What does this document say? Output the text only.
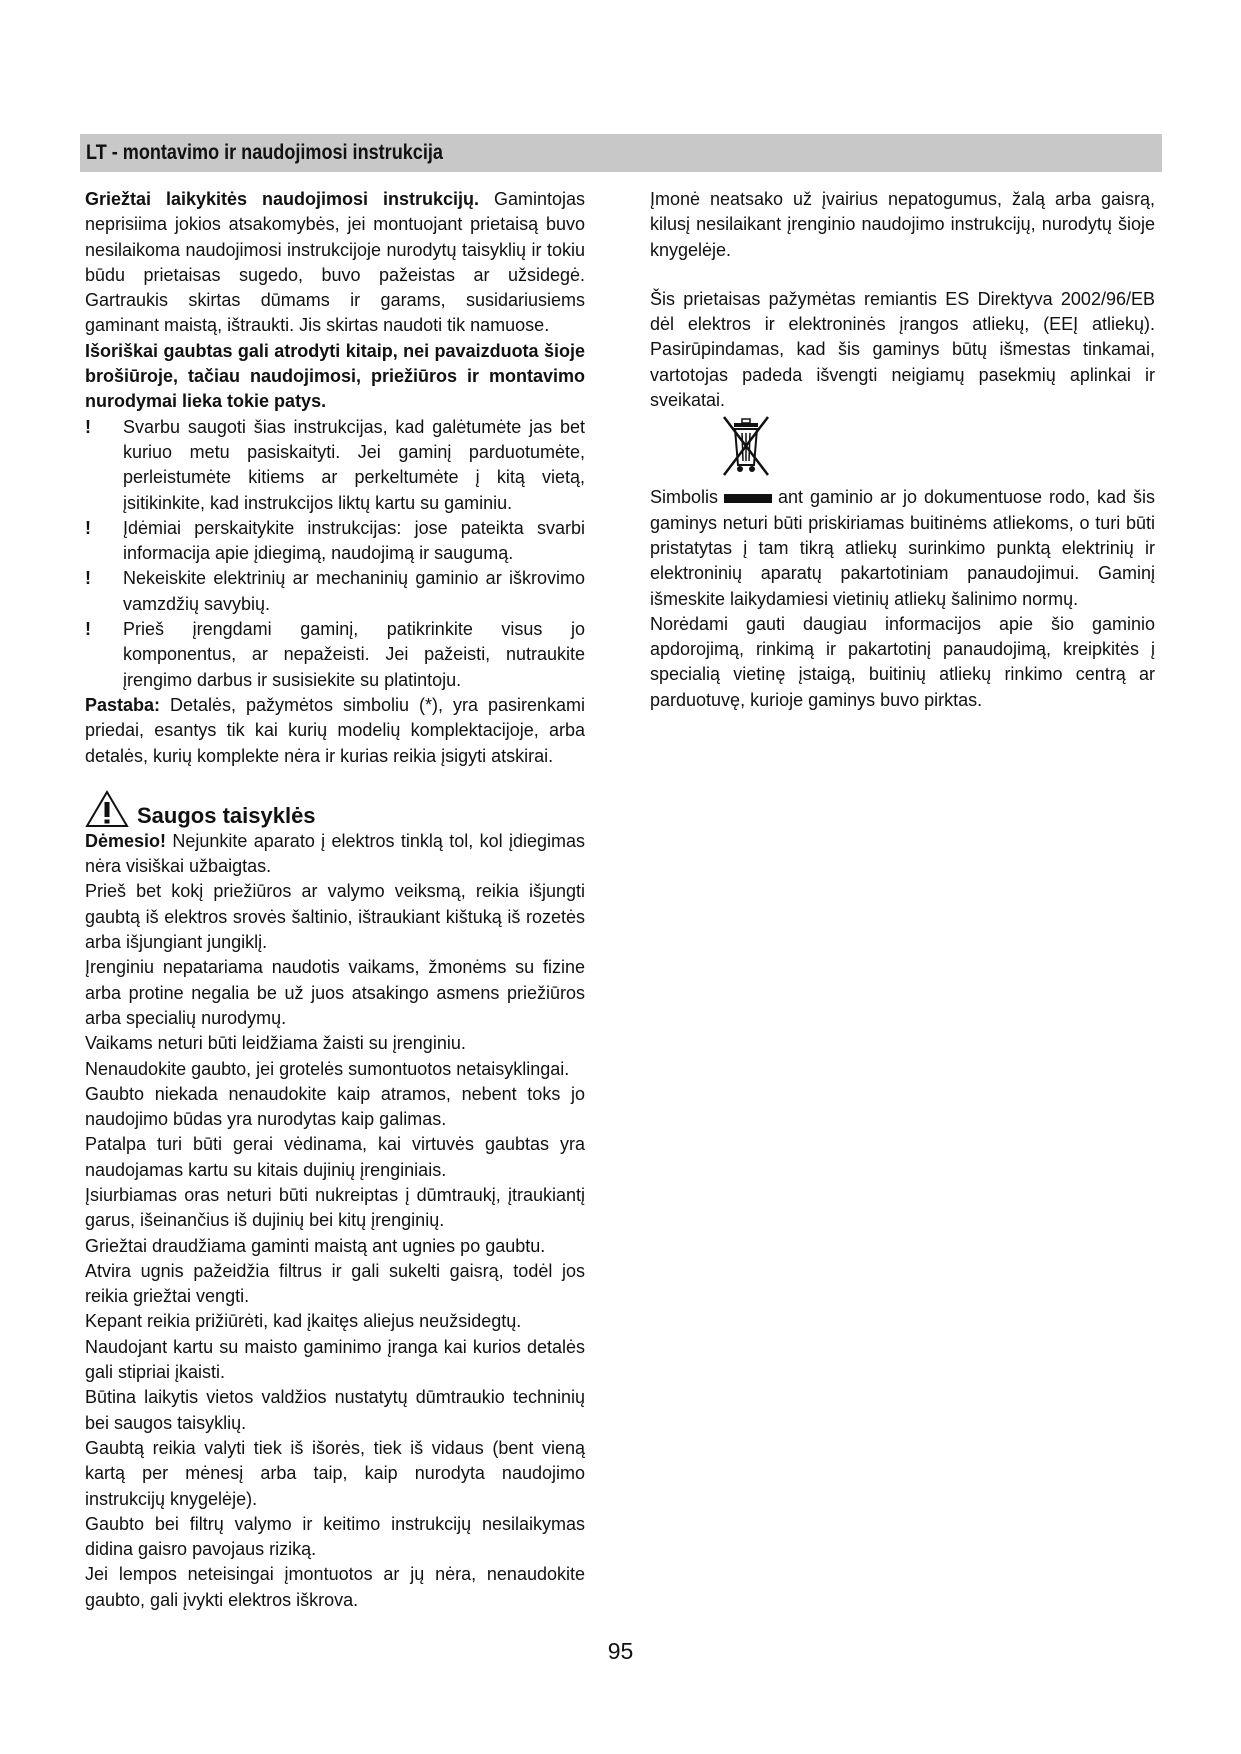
LT - montavimo ir naudojimosi instrukcija

Griežtai laikykitės naudojimosi instrukcijų. Gamintojas neprisiima jokios atsakomybės, jei montuojant prietaisą buvo nesilaikoma naudojimosi instrukcijoje nurodytų taisyklių ir tokiu būdu prietaisas sugedo, buvo pažeistas ar užsidegė. Gartraukis skirtas dūmams ir garams, susidariusiems gaminant maistą, ištraukti. Jis skirtas naudoti tik namuose.

Išoriškai gaubtas gali atrodyti kitaip, nei pavaizduota šioje brošiūroje, tačiau naudojimosi, priežiūros ir montavimo nurodymai lieka tokie patys.

! Svarbu saugoti šias instrukcijas, kad galėtumėte jas bet kuriuo metu pasiskaityti. Jei gaminį parduotumėte, perleistumėte kitiems ar perkeltumėte į kitą vietą, įsitikinkite, kad instrukcijos liktų kartu su gaminiu.
! Įdėmiai perskaitykite instrukcijas: jose pateikta svarbi informacija apie įdiegimą, naudojimą ir saugumą.
! Nekeiskite elektrinių ar mechaninių gaminio ar iškrovimo vamzdžių savybių.
! Prieš įrengdami gaminį, patikrinkite visus jo komponentus, ar nepažeisti. Jei pažeisti, nutraukite įrengimo darbus ir susisiekite su platintoju.

Pastaba: Detalės, pažymėtos simboliu (*), yra pasirenkami priedai, esantys tik kai kurių modelių komplektacijoje, arba detalės, kurių komplekte nėra ir kurias reikia įsigyti atskirai.

Saugos taisyklės

Dėmesio! Nejunkite aparato į elektros tinklą tol, kol įdiegimas nėra visiškai užbaigtas.

Prieš bet kokį priežiūros ar valymo veiksmą, reikia išjungti gaubtą iš elektros srovės šaltinio, ištraukiant kištuką iš rozetės arba išjungiant jungiklį.

Įrenginiu nepatariama naudotis vaikams, žmonėms su fizine arba protine negalia be už juos atsakingo asmens priežiūros arba specialių nurodymų.

Vaikams neturi būti leidžiama žaisti su įrenginiu.

Nenaudokite gaubto, jei grotelės sumontuotos netaisyklingai.

Gaubto niekada nenaudokite kaip atramos, nebent toks jo naudojimo būdas yra nurodytas kaip galimas.

Patalpa turi būti gerai vėdinama, kai virtuvės gaubtas yra naudojamas kartu su kitais dujinių įrenginiais.

Įsiurbiamas oras neturi būti nukreiptas į dūmtraukį, įtraukiantį garus, išeinančius iš dujinių bei kitų įrenginių.

Griežtai draudžiama gaminti maistą ant ugnies po gaubtu.

Atvira ugnis pažeidžia filtrus ir gali sukelti gaisrą, todėl jos reikia griežtai vengti.

Kepant reikia prižiūrėti, kad įkaitęs aliejus neužsidegtų.

Naudojant kartu su maisto gaminimo įranga kai kurios detalės gali stipriai įkaisti.

Būtina laikytis vietos valdžios nustatytų dūmtraukio techninių bei saugos taisyklių.

Gaubtą reikia valyti tiek iš išorės, tiek iš vidaus (bent vieną kartą per mėnesį arba taip, kaip nurodyta naudojimo instrukcijų knygelėje).

Gaubto bei filtrų valymo ir keitimo instrukcijų nesilaikymas didina gaisro pavojaus riziką.

Jei lempos neteisingai įmontuotos ar jų nėra, nenaudokite gaubto, gali įvykti elektros iškrova.

Įmonė neatsako už įvairius nepatogumus, žalą arba gaisrą, kilusį nesilaikant įrenginio naudojimo instrukcijų, nurodytų šioje knygelėje.

Šis prietaisas pažymėtas remiantis ES Direktyva 2002/96/EB dėl elektros ir elektroninės įrangos atliekų, (EEĮ atliekų). Pasirūpindamas, kad šis gaminys būtų išmestas tinkamai, vartotojas padeda išvengti neigiamų pasekmių aplinkai ir sveikatai.

Simbolis	ant gaminio ar jo dokumentuose rodo, kad šis gaminys neturi būti priskiriamas buitinėms atliekoms, o turi būti pristatytas į tam tikrą atliekų surinkimo punktą elektrinių ir elektroninių aparatų pakartotiniam panaudojimui. Gaminį išmeskite laikydamiesi vietinių atliekų šalinimo normų.

Norėdami gauti daugiau informacijos apie šio gaminio apdorojimą, rinkimą ir pakartotinį panaudojimą, kreipkitės į specialią vietinę įstaigą, buitinių atliekų rinkimo centrą ar parduotuvę, kurioje gaminys buvo pirktas.

95
